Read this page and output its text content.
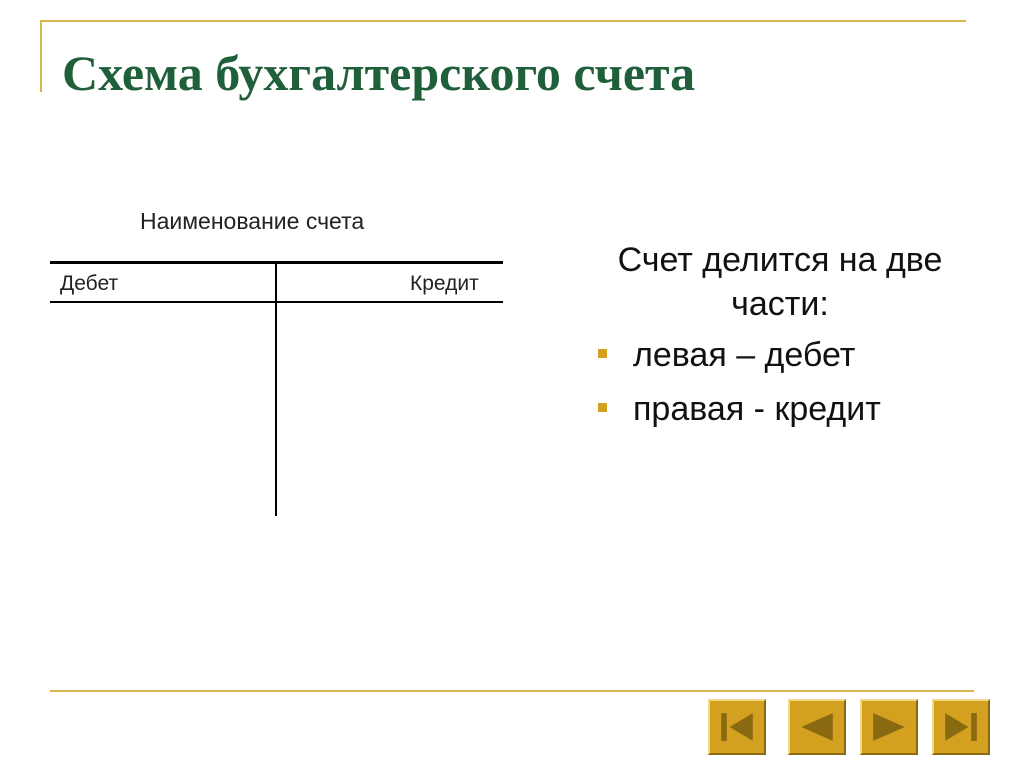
Схема бухгалтерского счета
Наименование счета
Дебет	Кредит
Счет делится на две части:
левая – дебет
правая - кредит
